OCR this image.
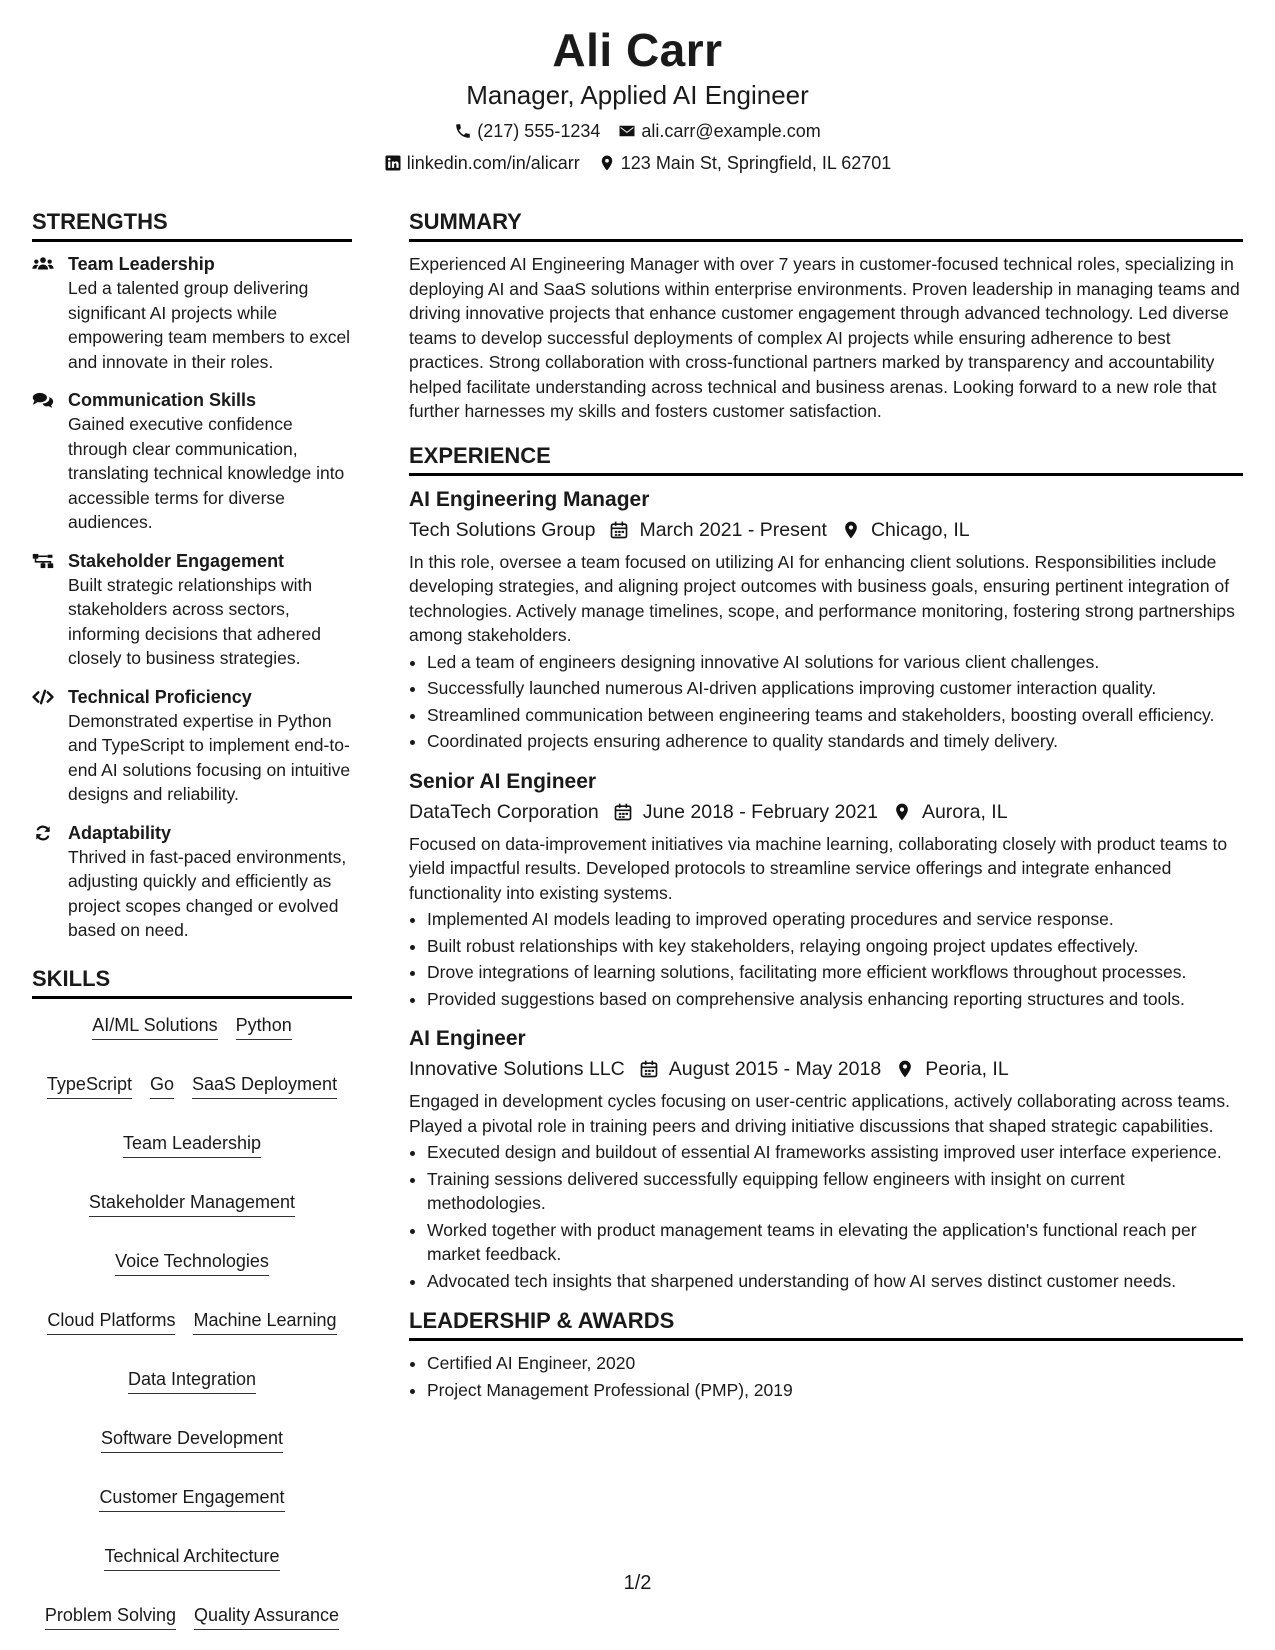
Ali Carr
Manager, Applied AI Engineer
(217) 555-1234 ali.carr@example.com
linkedin.com/in/alicarr 123 Main St, Springfield, IL 62701
STRENGTHS
Team Leadership
Led a talented group delivering significant AI projects while empowering team members to excel and innovate in their roles.
Communication Skills
Gained executive confidence through clear communication, translating technical knowledge into accessible terms for diverse audiences.
Stakeholder Engagement
Built strategic relationships with stakeholders across sectors, informing decisions that adhered closely to business strategies.
Technical Proficiency
Demonstrated expertise in Python and TypeScript to implement end-to-end AI solutions focusing on intuitive designs and reliability.
Adaptability
Thrived in fast-paced environments, adjusting quickly and efficiently as project scopes changed or evolved based on need.
SKILLS
AI/ML Solutions Python
TypeScript Go SaaS Deployment
Team Leadership
Stakeholder Management
Voice Technologies
Cloud Platforms Machine Learning
Data Integration
Software Development
Customer Engagement
Technical Architecture
Problem Solving Quality Assurance
SUMMARY

Experienced AI Engineering Manager with over 7 years in customer-focused technical roles, specializing in deploying AI and SaaS solutions within enterprise environments. Proven leadership in managing teams and driving innovative projects that enhance customer engagement through advanced technology. Led diverse teams to develop successful deployments of complex AI projects while ensuring adherence to best practices. Strong collaboration with cross-functional partners marked by transparency and accountability helped facilitate understanding across technical and business arenas. Looking forward to a new role that further harnesses my skills and fosters customer satisfaction.

EXPERIENCE
AI Engineering Manager
Tech Solutions Group March 2021 - Present Chicago, IL

In this role, oversee a team focused on utilizing AI for enhancing client solutions. Responsibilities include developing strategies, and aligning project outcomes with business goals, ensuring pertinent integration of technologies. Actively manage timelines, scope, and performance monitoring, fostering strong partnerships among stakeholders.

• Led a team of engineers designing innovative AI solutions for various client challenges.
• Successfully launched numerous AI-driven applications improving customer interaction quality.
• Streamlined communication between engineering teams and stakeholders, boosting overall efficiency.
• Coordinated projects ensuring adherence to quality standards and timely delivery.
Senior AI Engineer
DataTech Corporation June 2018 - February 2021 Aurora, IL

Focused on data-improvement initiatives via machine learning, collaborating closely with product teams to yield impactful results. Developed protocols to streamline service offerings and integrate enhanced functionality into existing systems.

• Implemented AI models leading to improved operating procedures and service response.
• Built robust relationships with key stakeholders, relaying ongoing project updates effectively.
• Drove integrations of learning solutions, facilitating more efficient workflows throughout processes.
• Provided suggestions based on comprehensive analysis enhancing reporting structures and tools.
AI Engineer
Innovative Solutions LLC August 2015 - May 2018 Peoria, IL

Engaged in development cycles focusing on user-centric applications, actively collaborating across teams. Played a pivotal role in training peers and driving initiative discussions that shaped strategic capabilities.

• Executed design and buildout of essential AI frameworks assisting improved user interface experience.
• Training sessions delivered successfully equipping fellow engineers with insight on current methodologies.
• Worked together with product management teams in elevating the application's functional reach per market feedback.
• Advocated tech insights that sharpened understanding of how AI serves distinct customer needs.
LEADERSHIP & AWARDS
• Certified AI Engineer, 2020
• Project Management Professional (PMP), 2019
1/2
